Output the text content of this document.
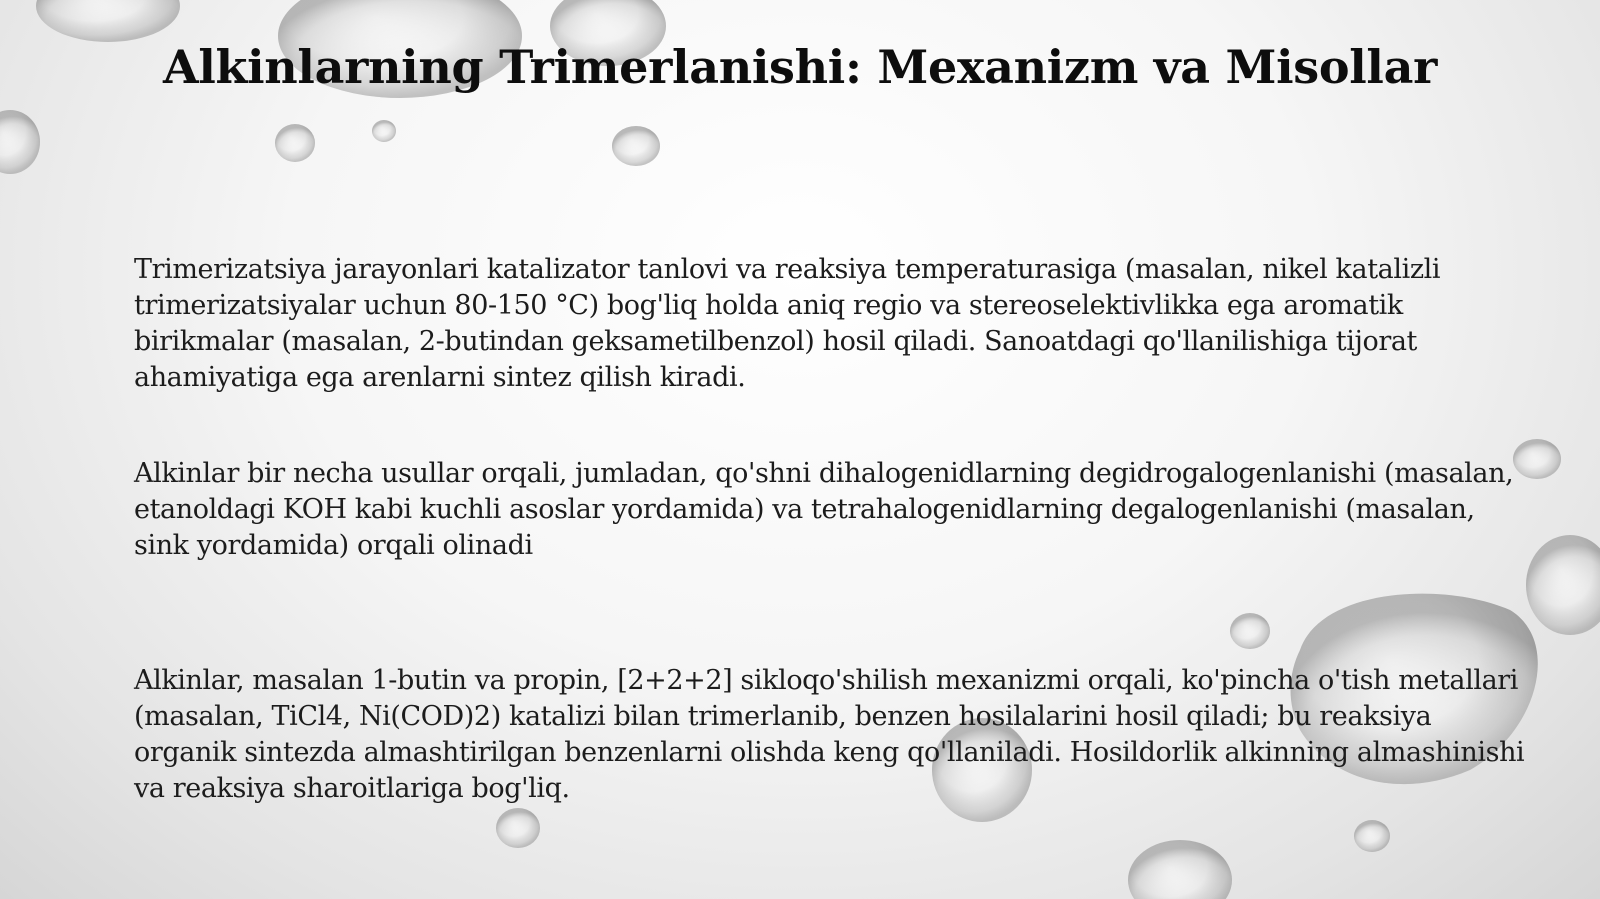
Alkinlarning Trimerlanishi: Mexanizm va Misollar

Trimerizatsiya jarayonlari katalizator tanlovi va reaksiya temperaturasiga (masalan, nikel katalizli trimerizatsiyalar uchun 80-150 °C) bog'liq holda aniq regio va stereoselektivlikka ega aromatik birikmalar (masalan, 2-butindan geksametilbenzol) hosil qiladi. Sanoatdagi qo'llanilishiga tijorat ahamiyatiga ega arenlarni sintez qilish kiradi.

Alkinlar bir necha usullar orqali, jumladan, qo'shni dihalogenidlarning degidrogalogenlanishi (masalan, etanoldagi KOH kabi kuchli asoslar yordamida) va tetrahalogenidlarning degalogenlanishi (masalan, sink yordamida) orqali olinadi

Alkinlar, masalan 1-butin va propin, [2+2+2] sikloqo'shilish mexanizmi orqali, ko'pincha o'tish metallari (masalan, TiCl4, Ni(COD)2) katalizi bilan trimerlanib, benzen hosilalarini hosil qiladi; bu reaksiya organik sintezda almashtirilgan benzenlarni olishda keng qo'llaniladi. Hosildorlik alkinning almashinishi va reaksiya sharoitlariga bog'liq.
